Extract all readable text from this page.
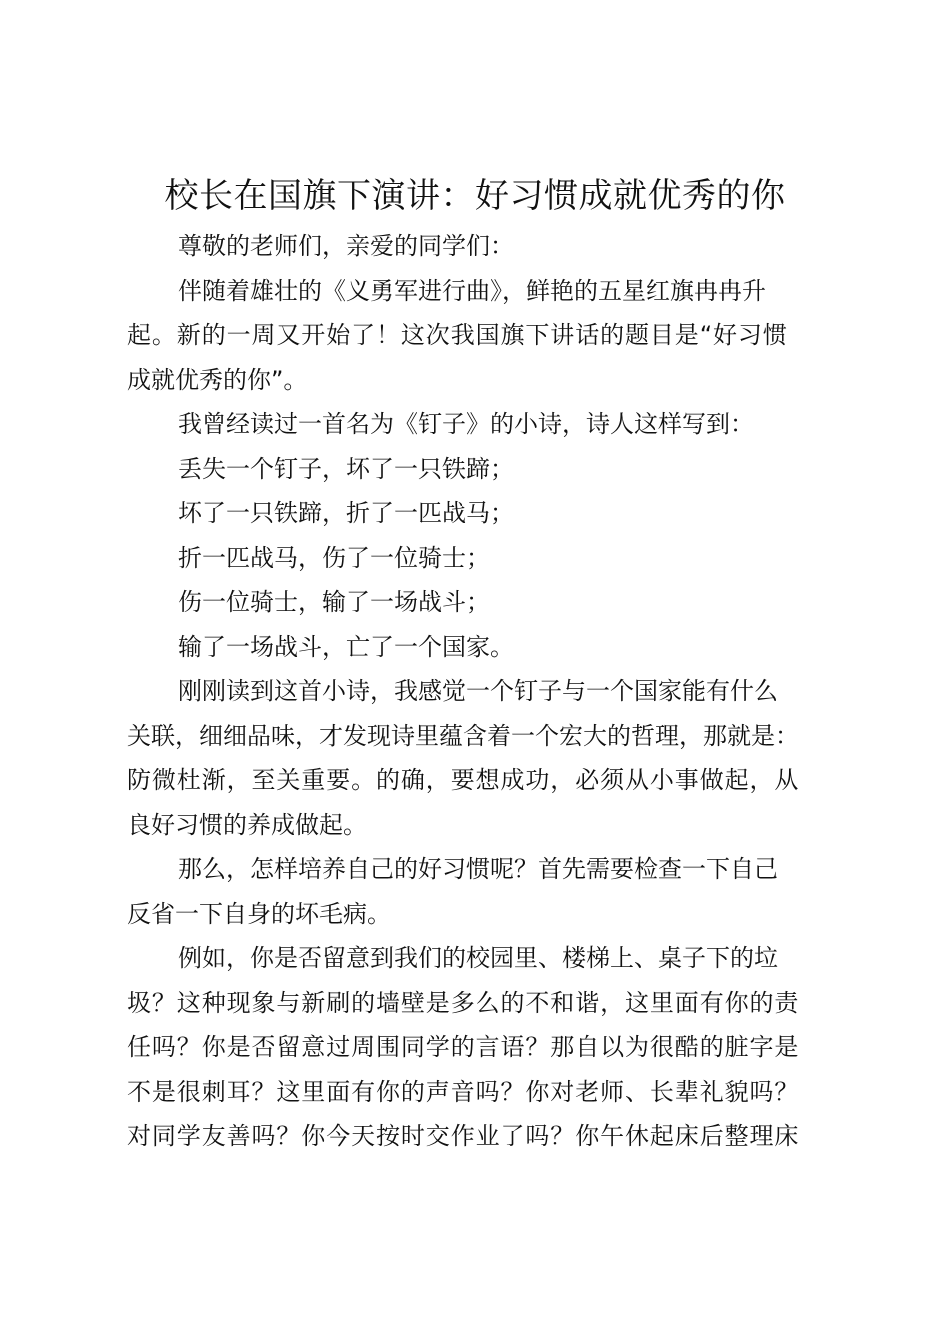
校长在国旗下演讲：好习惯成就优秀的你

尊敬的老师们，亲爱的同学们：

伴随着雄壮的《义勇军进行曲》，鲜艳的五星红旗冉冉升

起。新的一周又开始了！这次我国旗下讲话的题目是“好习惯

成就优秀的你”。

我曾经读过一首名为《钉子》的小诗，诗人这样写到：

丢失一个钉子，坏了一只铁蹄；

坏了一只铁蹄，折了一匹战马；

折一匹战马，伤了一位骑士；

伤一位骑士，输了一场战斗；

输了一场战斗，亡了一个国家。

刚刚读到这首小诗，我感觉一个钉子与一个国家能有什么

关联，细细品味，才发现诗里蕴含着一个宏大的哲理，那就是：

防微杜渐，至关重要。的确，要想成功，必须从小事做起，从

良好习惯的养成做起。

那么，怎样培养自己的好习惯呢？首先需要检查一下自己

反省一下自身的坏毛病。

例如，你是否留意到我们的校园里、楼梯上、桌子下的垃

圾？这种现象与新刷的墙壁是多么的不和谐，这里面有你的责

任吗？你是否留意过周围同学的言语？那自以为很酷的脏字是

不是很刺耳？这里面有你的声音吗？你对老师、长辈礼貌吗？

对同学友善吗？你今天按时交作业了吗？你午休起床后整理床
